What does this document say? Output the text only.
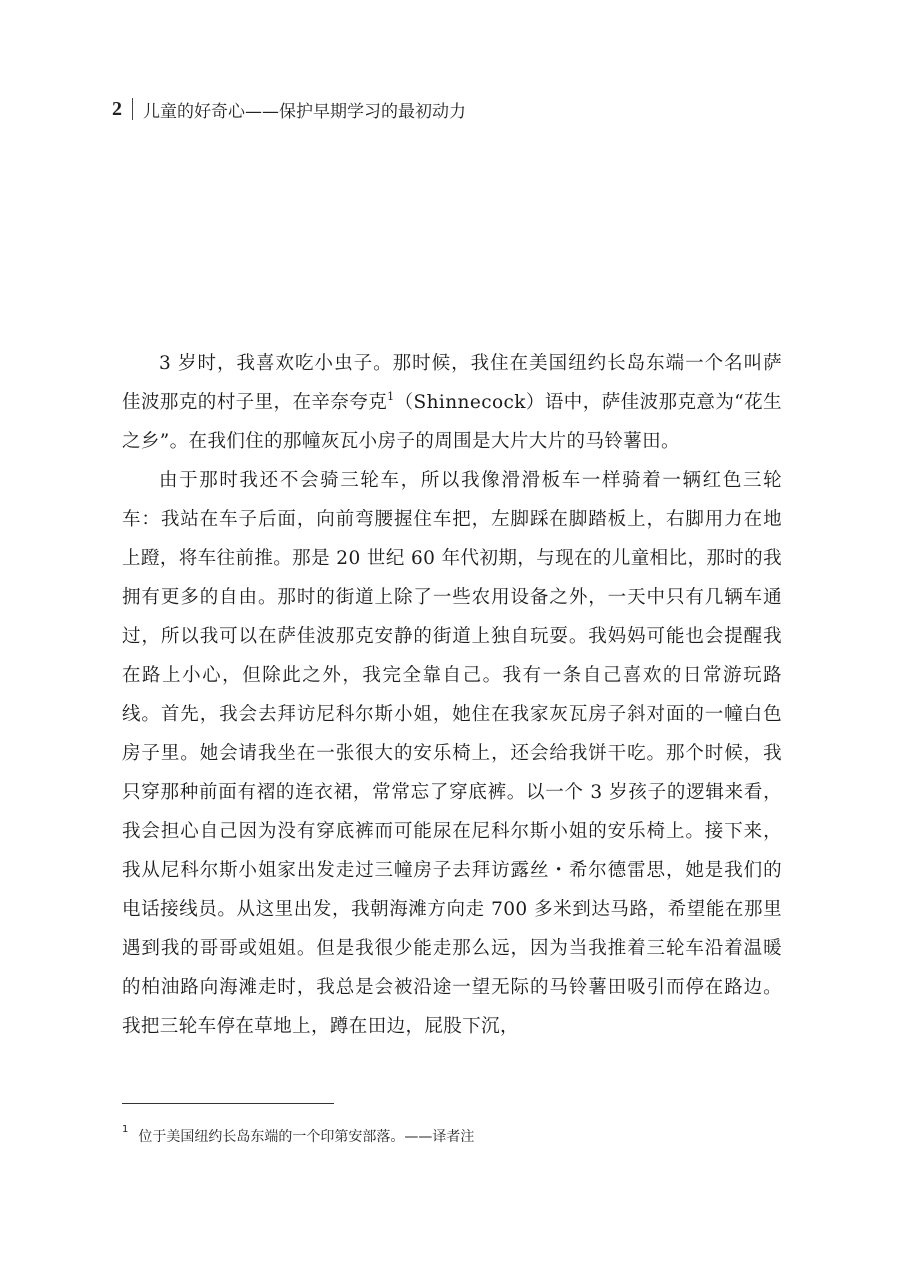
2 儿童的好奇心——保护早期学习的最初动力

3 岁时，我喜欢吃小虫子。那时候，我住在美国纽约长岛东端一个名叫萨佳波那克的村子里，在辛奈夸克$^1$（Shinnecock）语中，萨佳波那克意为“花生之乡”。在我们住的那幢灰瓦小房子的周围是大片大片的马铃薯田。

由于那时我还不会骑三轮车，所以我像滑滑板车一样骑着一辆红色三轮车：我站在车子后面，向前弯腰握住车把，左脚踩在脚踏板上，右脚用力在地上蹬，将车往前推。那是 20 世纪 60 年代初期，与现在的儿童相比，那时的我拥有更多的自由。那时的街道上除了一些农用设备之外，一天中只有几辆车通过，所以我可以在萨佳波那克安静的街道上独自玩耍。我妈妈可能也会提醒我在路上小心，但除此之外，我完全靠自己。我有一条自己喜欢的日常游玩路线。首先，我会去拜访尼科尔斯小姐，她住在我家灰瓦房子斜对面的一幢白色房子里。她会请我坐在一张很大的安乐椅上，还会给我饼干吃。那个时候，我只穿那种前面有褶的连衣裙，常常忘了穿底裤。以一个 3 岁孩子的逻辑来看，我会担心自己因为没有穿底裤而可能尿在尼科尔斯小姐的安乐椅上。接下来，我从尼科尔斯小姐家出发走过三幢房子去拜访露丝・希尔德雷思，她是我们的电话接线员。从这里出发，我朝海滩方向走 700 多米到达马路，希望能在那里遇到我的哥哥或姐姐。但是我很少能走那么远，因为当我推着三轮车沿着温暖的柏油路向海滩走时，我总是会被沿途一望无际的马铃薯田吸引而停在路边。我把三轮车停在草地上，蹲在田边，屁股下沉，

1 位于美国纽约长岛东端的一个印第安部落。——译者注
